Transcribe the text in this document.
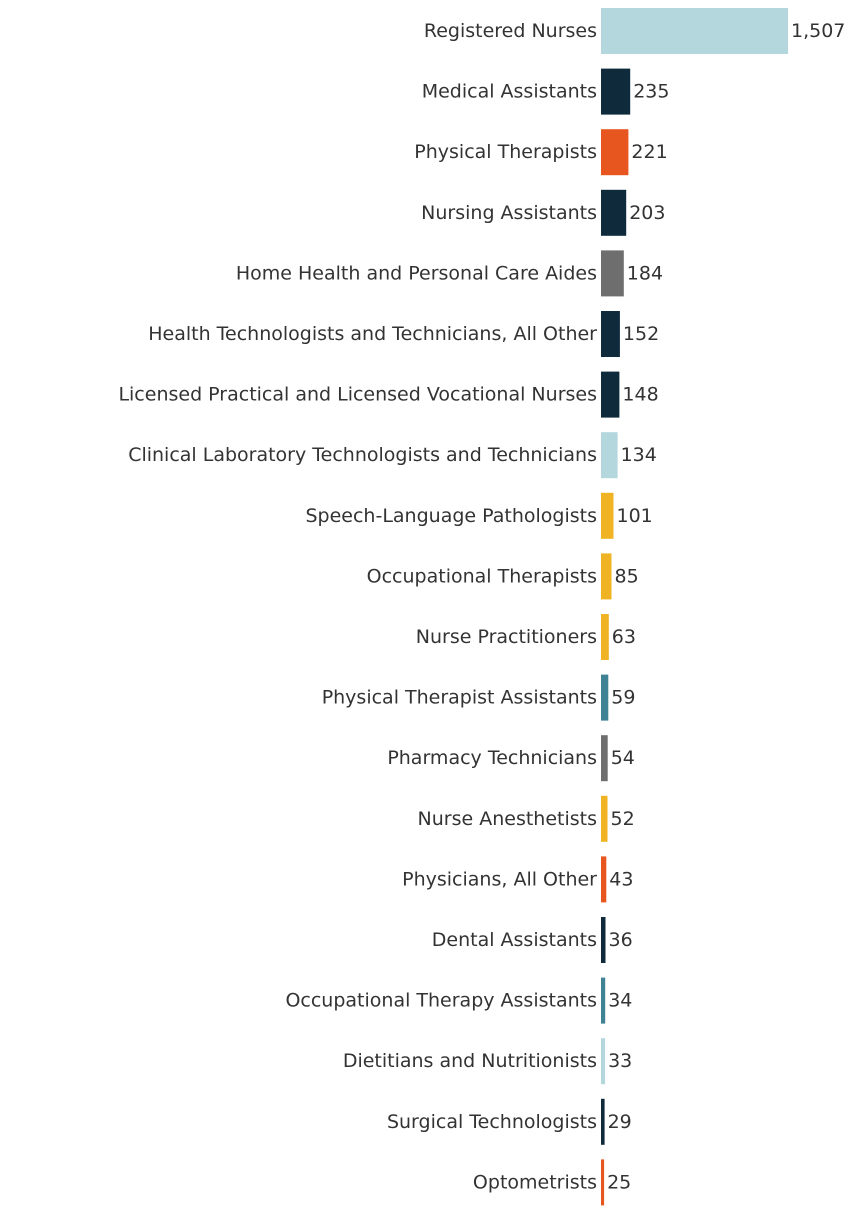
Registered Nurses	1,507
Medical Assistants 235
Physical Therapists 221
Nursing Assistants 203
Home Health and Personal Care Aides 184
Health Technologists and Technicians, All Other 152
Licensed Practical and Licensed Vocational Nurses 148
Clinical Laboratory Technologists and Technicians 134
Speech-Language Pathologists 101
Occupational Therapists 85
Nurse Practitioners 63
Physical Therapist Assistants 59
Pharmacy Technicians 54
Nurse Anesthetists 52
Physicians, All Other 43
Dental Assistants 36
Occupational Therapy Assistants 34
Dietitians and Nutritionists 33
Surgical Technologists 29
Optometrists 25
